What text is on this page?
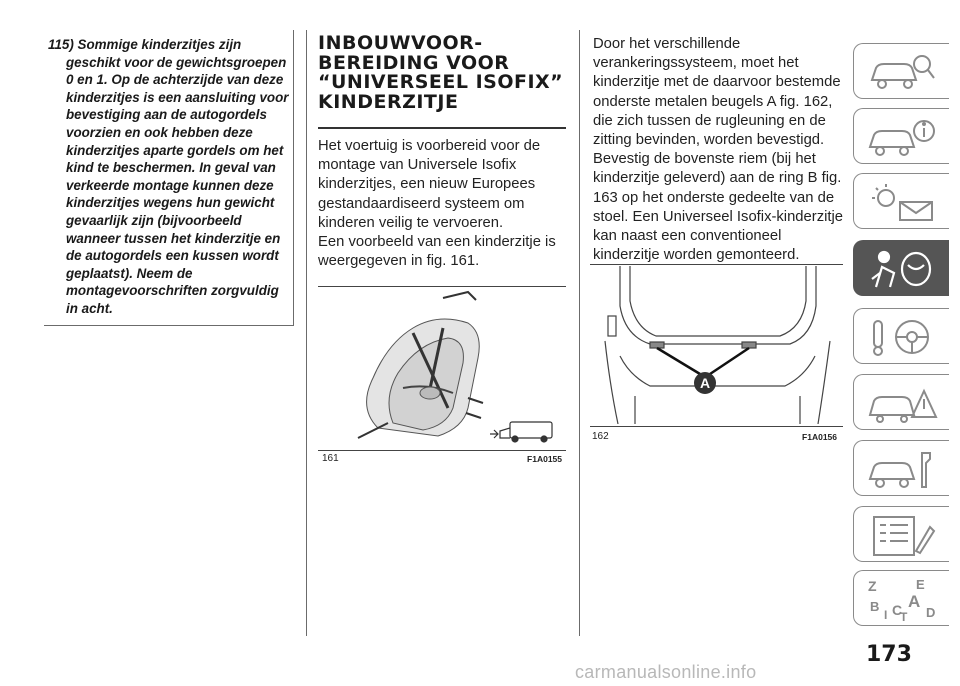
115) Sommige kinderzitjes zijn geschikt voor de gewichtsgroepen 0 en 1. Op de achterzijde van deze kinderzitjes is een aansluiting voor bevestiging aan de autogordels voorzien en ook hebben deze kinderzitjes aparte gordels om het kind te beschermen. In geval van verkeerde montage kunnen deze kinderzitjes wegens hun gewicht gevaarlijk zijn (bijvoorbeeld wanneer tussen het kinderzitje en de autogordels een kussen wordt geplaatst). Neem de montagevoorschriften zorgvuldig in acht.

INBOUWVOOR-BEREIDING VOOR “UNIVERSEEL ISOFIX” KINDERZITJE

Het voertuig is voorbereid voor de montage van Universele Isofix kinderzitjes, een nieuw Europees gestandaardiseerd systeem om kinderen veilig te vervoeren.

Een voorbeeld van een kinderzitje is weergegeven in fig. 161.

161	F1A0155

Door het verschillende verankeringssysteem, moet het kinderzitje met de daarvoor bestemde onderste metalen beugels A fig. 162, die zich tussen de rugleuning en de zitting bevinden, worden bevestigd. Bevestig de bovenste riem (bij het kinderzitje geleverd) aan de ring B fig. 163 op het onderste gedeelte van de stoel. Een Universeel Isofix-kinderzitje kan naast een conventioneel kinderzitje worden gemonteerd.

A
162	F1A0156
Z	E
A
B	D
I C
T
173
carmanualsonline.info
